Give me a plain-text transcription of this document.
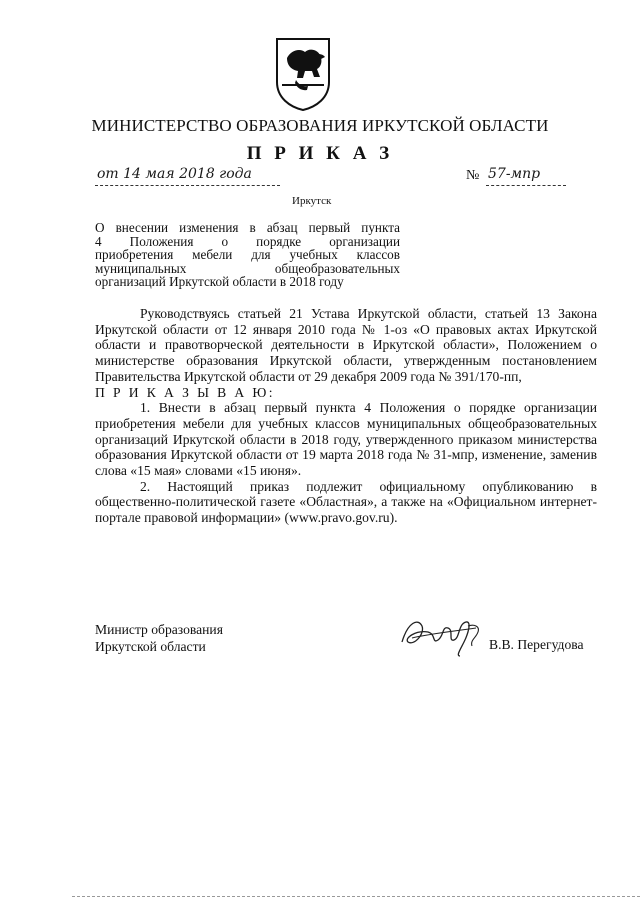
МИНИСТЕРСТВО ОБРАЗОВАНИЯ ИРКУТСКОЙ ОБЛАСТИ
П Р И К А З
от 14 мая 2018 года	№ 57-мпр
Иркутск
О внесении изменения в абзац первый пункта
4 Положения о порядке организации
приобретения мебели для учебных классов
муниципальных общеобразовательных
организаций Иркутской области в 2018 году

Руководствуясь статьей 21 Устава Иркутской области, статьей 13 Закона Иркутской области от 12 января 2010 года № 1-оз «О правовых актах Иркутской области и правотворческой деятельности в Иркутской области», Положением о министерстве образования Иркутской области, утвержденным постановлением Правительства Иркутской области от 29 декабря 2009 года № 391/170-пп,

П Р И К А З Ы В А Ю:

1. Внести в абзац первый пункта 4 Положения о порядке организации приобретения мебели для учебных классов муниципальных общеобразовательных организаций Иркутской области в 2018 году, утвержденного приказом министерства образования Иркутской области от 19 марта 2018 года № 31-мпр, изменение, заменив слова «15 мая» словами «15 июня».

2. Настоящий приказ подлежит официальному опубликованию в общественно-политической газете «Областная», а также на «Официальном интернет-портале правовой информации» (www.pravo.gov.ru).

Министр образования
Иркутской области	В.В. Перегудова
